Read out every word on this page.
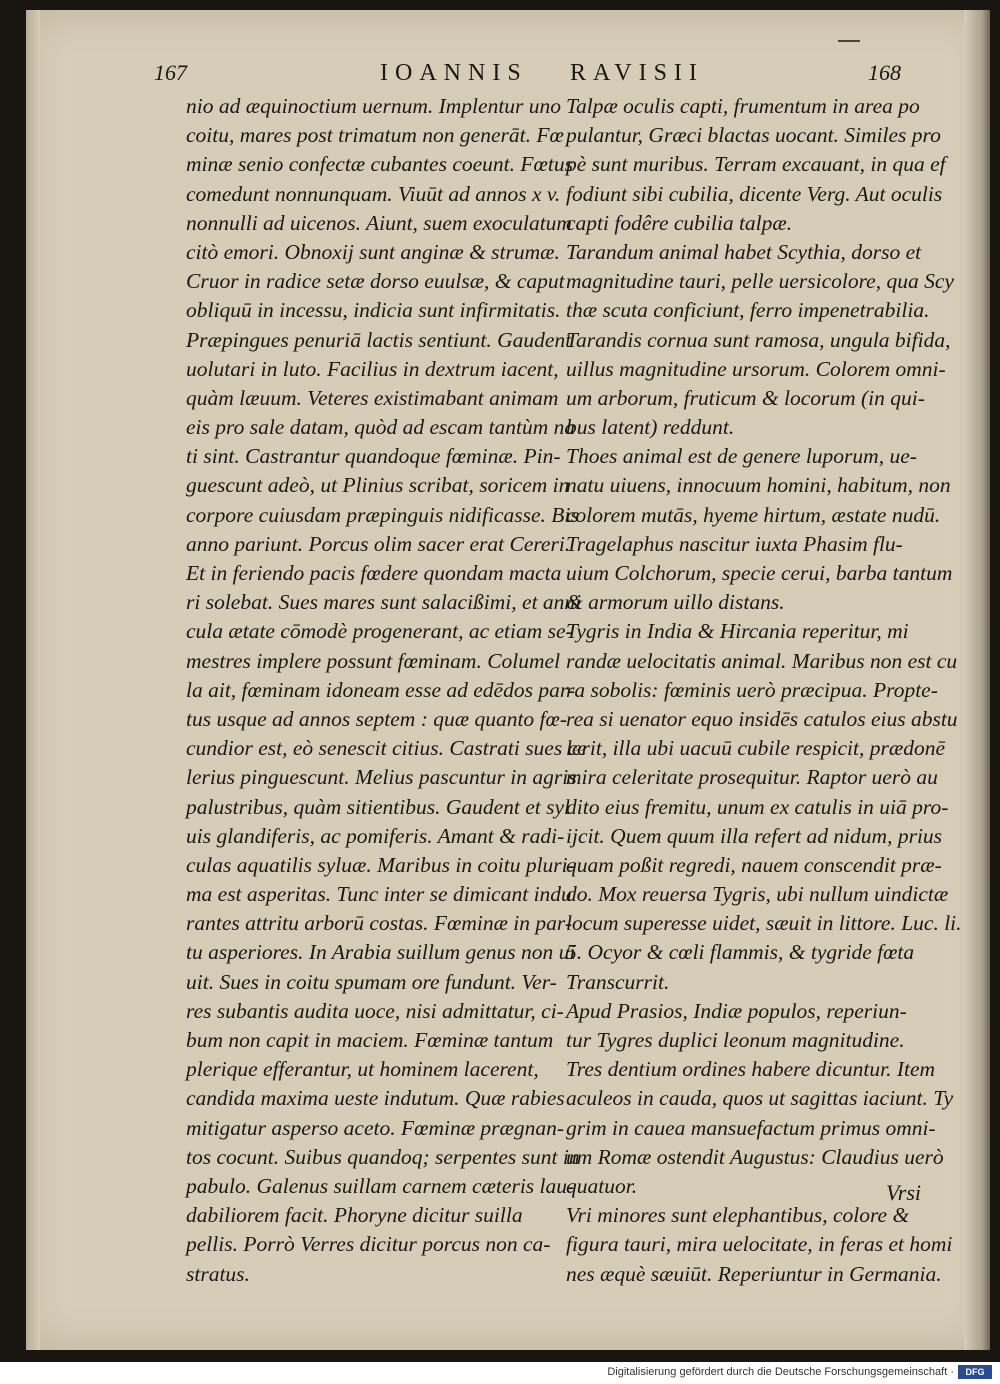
167	IOANNIS RAVISII	168
nio ad æquinoctium uernum. Implentur uno
coitu, mares post trimatum non generāt. Fœ
minæ senio confectæ cubantes coeunt. Fœtus
comedunt nonnunquam. Viuūt ad annos x v.
nonnulli ad uicenos. Aiunt, suem exoculatum
citò emori. Obnoxij sunt anginæ & strumæ.
Cruor in radice setæ dorso euulsæ, & caput
obliquū in incessu, indicia sunt infirmitatis.
Præpingues penuriā lactis sentiunt. Gaudent
uolutari in luto. Facilius in dextrum iacent,
quàm læuum. Veteres existimabant animam
eis pro sale datam, quòd ad escam tantùm na
ti sint. Castrantur quandoque fœminæ. Pin-
guescunt adeò, ut Plinius scribat, soricem in
corpore cuiusdam præpinguis nidificasse. Bis
anno pariunt. Porcus olim sacer erat Cereri.
Et in feriendo pacis fœdere quondam macta
ri solebat. Sues mares sunt salacißimi, et anni
cula ætate cōmodè progenerant, ac etiam se-
mestres implere possunt fœminam. Columel
la ait, fœminam idoneam esse ad edēdos par-
tus usque ad annos septem : quæ quanto fœ-
cundior est, eò senescit citius. Castrati sues ce
lerius pinguescunt. Melius pascuntur in agris
palustribus, quàm sitientibus. Gaudent et syl
uis glandiferis, ac pomiferis. Amant & radi-
culas aquatilis syluæ. Maribus in coitu pluri-
ma est asperitas. Tunc inter se dimicant indu
rantes attritu arborū costas. Fœminæ in par-
tu asperiores. In Arabia suillum genus non ui
uit. Sues in coitu spumam ore fundunt. Ver-
res subantis audita uoce, nisi admittatur, ci-
bum non capit in maciem. Fœminæ tantum
plerique efferantur, ut hominem lacerent,
candida maxima ueste indutum. Quæ rabies
mitigatur asperso aceto. Fœminæ prægnan-
tos cocunt. Suibus quandoq; serpentes sunt in
pabulo. Galenus suillam carnem cæteris lau-
dabiliorem facit. Phoryne dicitur suilla
pellis. Porrò Verres dicitur porcus non ca-
stratus.
Talpæ oculis capti, frumentum in area po
pulantur, Græci blactas uocant. Similes pro
pè sunt muribus. Terram excauant, in qua ef
fodiunt sibi cubilia, dicente Verg. Aut oculis
capti fodêre cubilia talpæ.
Tarandum animal habet Scythia, dorso et
magnitudine tauri, pelle uersicolore, qua Scy
thæ scuta conficiunt, ferro impenetrabilia.
Tarandis cornua sunt ramosa, ungula bifida,
uillus magnitudine ursorum. Colorem omni-
um arborum, fruticum & locorum (in qui-
bus latent) reddunt.
Thoes animal est de genere luporum, ue-
natu uiuens, innocuum homini, habitum, non
colorem mutās, hyeme hirtum, æstate nudū.
Tragelaphus nascitur iuxta Phasim flu-
uium Colchorum, specie cerui, barba tantum
& armorum uillo distans.
Tygris in India & Hircania reperitur, mi
randæ uelocitatis animal. Maribus non est cu
ra sobolis: fœminis uerò præcipua. Propte-
rea si uenator equo insidēs catulos eius abstu
lerit, illa ubi uacuū cubile respicit, prædonē
mira celeritate prosequitur. Raptor uerò au
dito eius fremitu, unum ex catulis in uiā pro-
ijcit. Quem quum illa refert ad nidum, prius
quam poßit regredi, nauem conscendit præ-
do. Mox reuersa Tygris, ubi nullum uindictæ
locum superesse uidet, sæuit in littore. Luc. li.
5. Ocyor & cœli flammis, & tygride fœta
Transcurrit.
Apud Prasios, Indiæ populos, reperiun-
tur Tygres duplici leonum magnitudine.
Tres dentium ordines habere dicuntur. Item
aculeos in cauda, quos ut sagittas iaciunt. Ty
grim in cauea mansuefactum primus omni-
um Romæ ostendit Augustus: Claudius uerò
quatuor.
Vri minores sunt elephantibus, colore &
figura tauri, mira uelocitate, in feras et homi
nes æquè sæuiūt. Reperiuntur in Germania.
Vrsi
Digitalisierung gefördert durch die Deutsche Forschungsgemeinschaft ·	DFG
